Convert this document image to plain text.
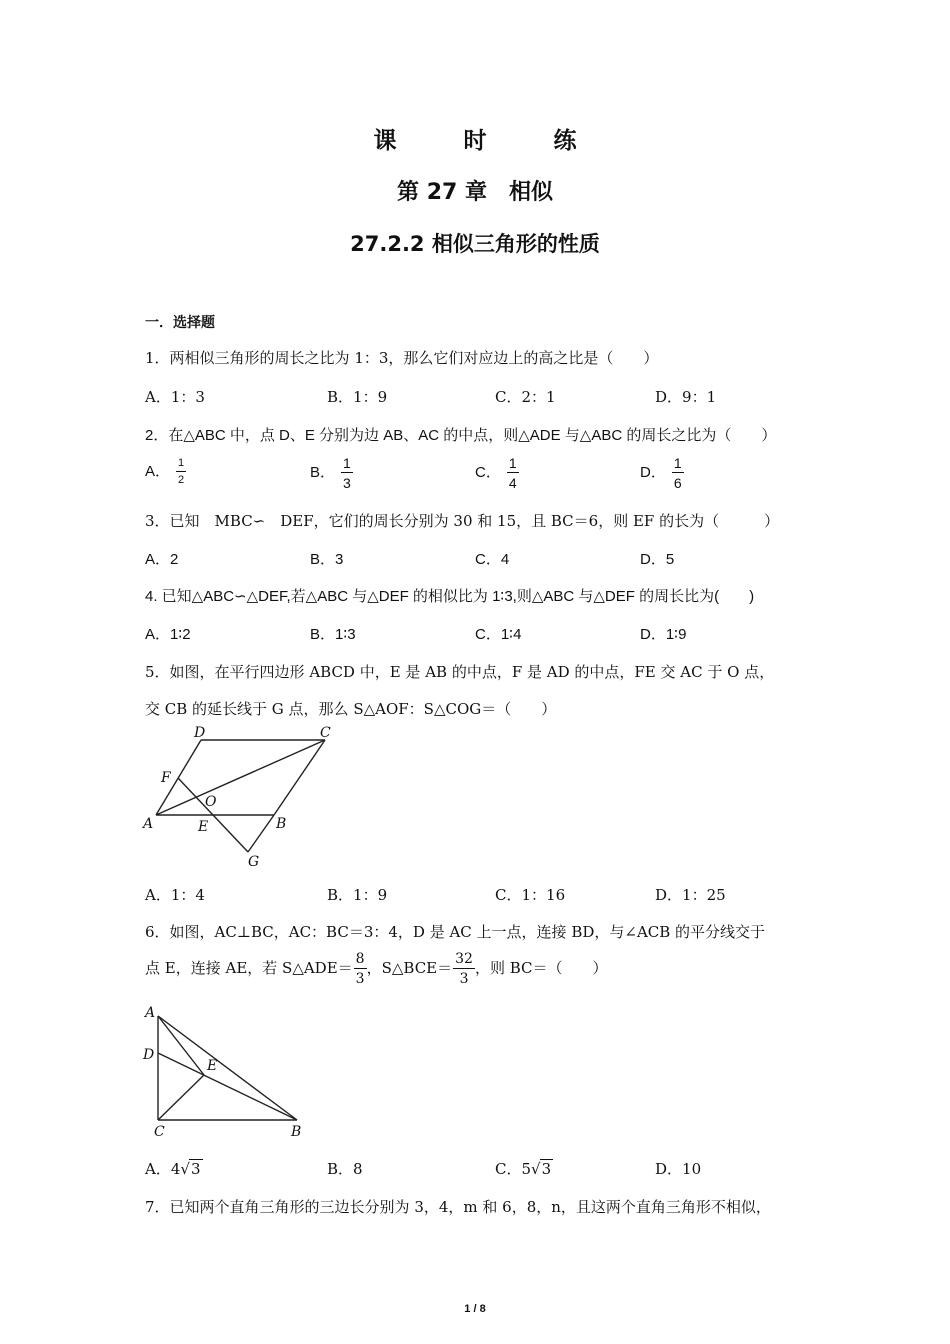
课　时　练
第 27 章　相似
27.2.2 相似三角形的性质
一．选择题
1．两相似三角形的周长之比为 1：3，那么它们对应边上的高之比是（　　）
A．1：3	B．1：9	C．2：1	D．9：1
2．在△ABC 中，点 D、E 分别为边 AB、AC 的中点，则△ADE 与△ABC 的周长之比为（　　）
A． $\frac{1}{2}$	B． $\frac{1}{3}$	C． $\frac{1}{4}$	D． $\frac{1}{6}$
3．已知　MBC∽　DEF，它们的周长分别为 30 和 15，且 BC＝6，则 EF 的长为（　　　）
A．2	B．3	C．4	D．5
4. 已知△ABC∽△DEF,若△ABC 与△DEF 的相似比为 1∶3,则△ABC 与△DEF 的周长比为(　　)
A．1∶2	B．1∶3	C．1∶4	D．1∶9
5．如图，在平行四边形 ABCD 中，E 是 AB 的中点，F 是 AD 的中点，FE 交 AC 于 O 点，
交 CB 的延长线于 G 点，那么 S△AOF：S△COG＝（　　）
D	C
F
O
A	E	B
G
A．1：4	B．1：9	C．1：16	D．1：25
6．如图，AC⊥BC，AC：BC＝3：4，D 是 AC 上一点，连接 BD，与∠ACB 的平分线交于
点 E，连接 AE，若 S△ADE＝ $\frac{8}{3}$ ，S△BCE＝ $\frac{32}{3}$ ，则 BC＝（　　）
A
D
E
C	B
A．4√3	B．8	C．5√3	D．10
7．已知两个直角三角形的三边长分别为 3，4，m 和 6，8，n，且这两个直角三角形不相似，
1 / 8
